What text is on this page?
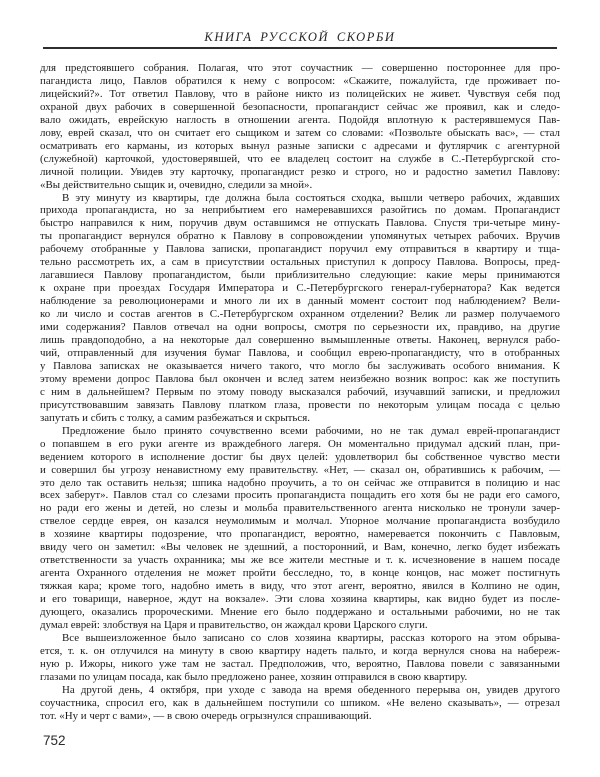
КНИГА РУССКОЙ СКОРБИ
для предстоявшего собрания. Полагая, что этот соучастник — совершенно постороннее для про-
пагандиста лицо, Павлов обратился к нему с вопросом: «Скажите, пожалуйста, где проживает по-
лицейский?». Тот ответил Павлову, что в районе никто из полицейских не живет. Чувствуя себя под
охраной двух рабочих в совершенной безопасности, пропагандист сейчас же проявил, как и следо-
вало ожидать, еврейскую наглость в отношении агента. Подойдя вплотную к растерявшемуся Пав-
лову, еврей сказал, что он считает его сыщиком и затем со словами: «Позвольте обыскать вас», — стал
осматривать его карманы, из которых вынул разные записки с адресами и футлярчик с агентурной
(служебной) карточкой, удостоверявшей, что ее владелец состоит на службе в С.-Петербургской сто-
личной полиции. Увидев эту карточку, пропагандист резко и строго, но и радостно заметил Павлову:
«Вы действительно сыщик и, очевидно, следили за мной».
В эту минуту из квартиры, где должна была состояться сходка, вышли четверо рабочих, ждавших
прихода пропагандиста, но за неприбытием его намеревавшихся разойтись по домам. Пропагандист
быстро направился к ним, поручив двум оставшимся не отпускать Павлова. Спустя три-четыре мину-
ты пропагандист вернулся обратно к Павлову в сопровождении упомянутых четырех рабочих. Вручив
рабочему отобранные у Павлова записки, пропагандист поручил ему отправиться в квартиру и тща-
тельно рассмотреть их, а сам в присутствии остальных приступил к допросу Павлова. Вопросы, пред-
лагавшиеся Павлову пропагандистом, были приблизительно следующие: какие меры принимаются
к охране при проездах Государя Императора и С.-Петербургского генерал-губернатора? Как ведется
наблюдение за революционерами и много ли их в данный момент состоит под наблюдением? Вели-
ко ли число и состав агентов в С.-Петербургском охранном отделении? Велик ли размер получаемого
ими содержания? Павлов отвечал на одни вопросы, смотря по серьезности их, правдиво, на другие
лишь правдоподобно, а на некоторые дал совершенно вымышленные ответы. Наконец, вернулся рабо-
чий, отправленный для изучения бумаг Павлова, и сообщил еврею-пропагандисту, что в отобранных
у Павлова записках не оказывается ничего такого, что могло бы заслуживать особого внимания. К
этому времени допрос Павлова был окончен и вслед затем неизбежно возник вопрос: как же поступить
с ним в дальнейшем? Первым по этому поводу высказался рабочий, изучавший записки, и предложил
присутствовавшим завязать Павлову платком глаза, провести по некоторым улицам посада с целью
запутать и сбить с толку, а самим разбежаться и скрыться.
Предложение было принято сочувственно всеми рабочими, но не так думал еврей-пропагандист
о попавшем в его руки агенте из враждебного лагеря. Он моментально придумал адский план, при-
ведением которого в исполнение достиг бы двух целей: удовлетворил бы собственное чувство мести
и совершил бы угрозу ненавистному ему правительству. «Нет, — сказал он, обратившись к рабочим, —
это дело так оставить нельзя; шпика надобно проучить, а то он сейчас же отправится в полицию и нас
всех заберут». Павлов стал со слезами просить пропагандиста пощадить его хотя бы не ради его самого,
но ради его жены и детей, но слезы и мольба правительственного агента нисколько не тронули зачер-
ствелое сердце еврея, он казался неумолимым и молчал. Упорное молчание пропагандиста возбудило
в хозяине квартиры подозрение, что пропагандист, вероятно, намеревается покончить с Павловым,
ввиду чего он заметил: «Вы человек не здешний, а посторонний, и Вам, конечно, легко будет избежать
ответственности за участь охранника; мы же все жители местные и т. к. исчезновение в нашем посаде
агента Охранного отделения не может пройти бесследно, то, в конце концов, нас может постигнуть
тяжкая кара; кроме того, надобно иметь в виду, что этот агент, вероятно, явился в Колпино не один,
и его товарищи, наверное, ждут на вокзале». Эти слова хозяина квартиры, как видно будет из после-
дующего, оказались пророческими. Мнение его было поддержано и остальными рабочими, но не так
думал еврей: злобствуя на Царя и правительство, он жаждал крови Царского слуги.
Все вышеизложенное было записано со слов хозяина квартиры, рассказ которого на этом обрыва-
ется, т. к. он отлучился на минуту в свою квартиру надеть пальто, и когда вернулся снова на набереж-
ную р. Ижоры, никого уже там не застал. Предположив, что, вероятно, Павлова повели с завязанными
глазами по улицам посада, как было предложено ранее, хозяин отправился в свою квартиру.
На другой день, 4 октября, при уходе с завода на время обеденного перерыва он, увидев другого
соучастника, спросил его, как в дальнейшем поступили со шпиком. «Не велено сказывать», — отрезал
тот. «Ну и черт с вами», — в свою очередь огрызнулся спрашивающий.
752
